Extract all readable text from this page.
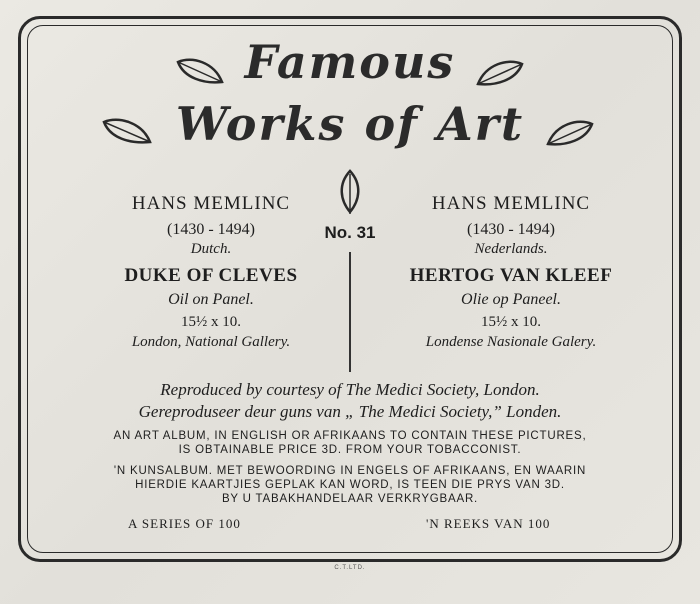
Famous
Works of Art
HANS MEMLINC
(1430 - 1494)
Dutch.
DUKE OF CLEVES
Oil on Panel.
15½ x 10.
London, National Gallery.
No. 31
HANS MEMLINC
(1430 - 1494)
Nederlands.
HERTOG VAN KLEEF
Olie op Paneel.
15½ x 10.
Londense Nasionale Galery.
Reproduced by courtesy of The Medici Society, London.
Gereproduseer deur guns van „ The Medici Society,” Londen.
AN ART ALBUM, IN ENGLISH OR AFRIKAANS TO CONTAIN THESE PICTURES,
IS OBTAINABLE PRICE 3D. FROM YOUR TOBACCONIST.
'N KUNSALBUM. MET BEWOORDING IN ENGELS OF AFRIKAANS, EN WAARIN
HIERDIE KAARTJIES GEPLAK KAN WORD, IS TEEN DIE PRYS VAN 3D.
BY U TABAKHANDELAAR VERKRYGBAAR.
A SERIES OF 100	'N REEKS VAN 100
C.T.LTD.
